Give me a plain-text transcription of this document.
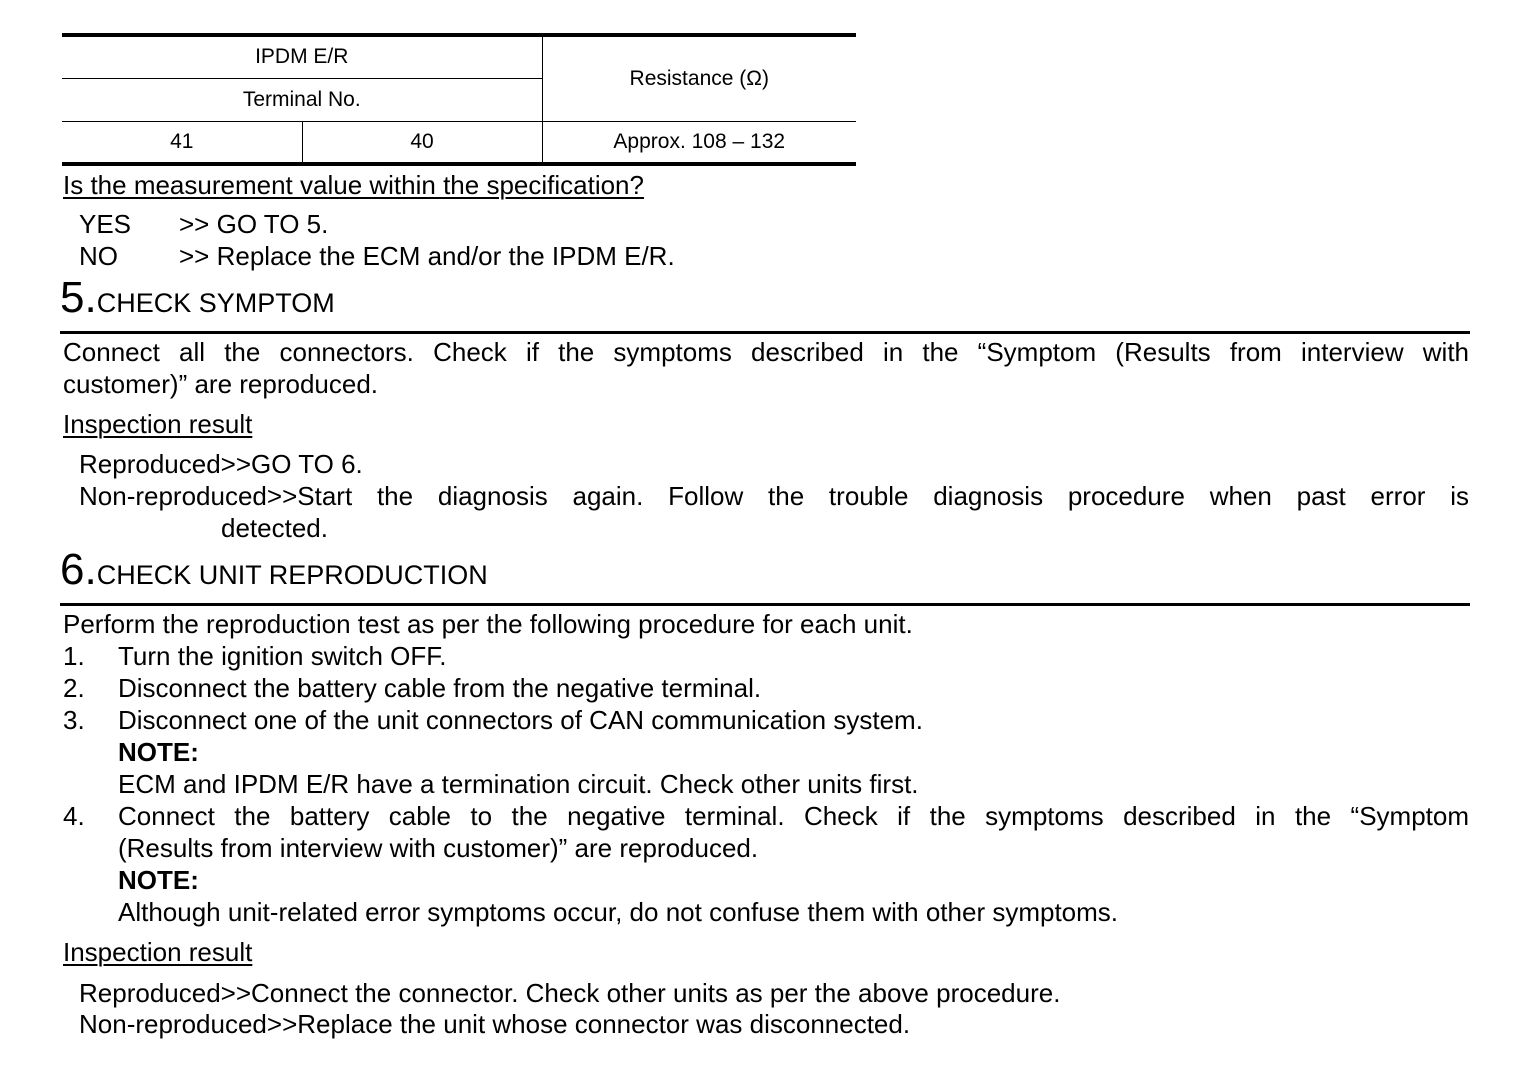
IPDM E/R		Resistance (Ω)
Terminal No.		
41	40	Approx. 108 – 132
Is the measurement value within the specification?
YES >> GO TO 5.
NO >> Replace the ECM and/or the IPDM E/R.
5.CHECK SYMPTOM
Connect all the connectors. Check if the symptoms described in the “Symptom (Results from interview with
customer)” are reproduced.
Inspection result
Reproduced>>GO TO 6.
Non-reproduced>>Start the diagnosis again. Follow the trouble diagnosis procedure when past error is
detected.
6.CHECK UNIT REPRODUCTION
Perform the reproduction test as per the following procedure for each unit.
1. Turn the ignition switch OFF.
2. Disconnect the battery cable from the negative terminal.
3. Disconnect one of the unit connectors of CAN communication system.
NOTE:
ECM and IPDM E/R have a termination circuit. Check other units first.
4. Connect the battery cable to the negative terminal. Check if the symptoms described in the “Symptom
(Results from interview with customer)” are reproduced.
NOTE:
Although unit-related error symptoms occur, do not confuse them with other symptoms.
Inspection result
Reproduced>>Connect the connector. Check other units as per the above procedure.
Non-reproduced>>Replace the unit whose connector was disconnected.
